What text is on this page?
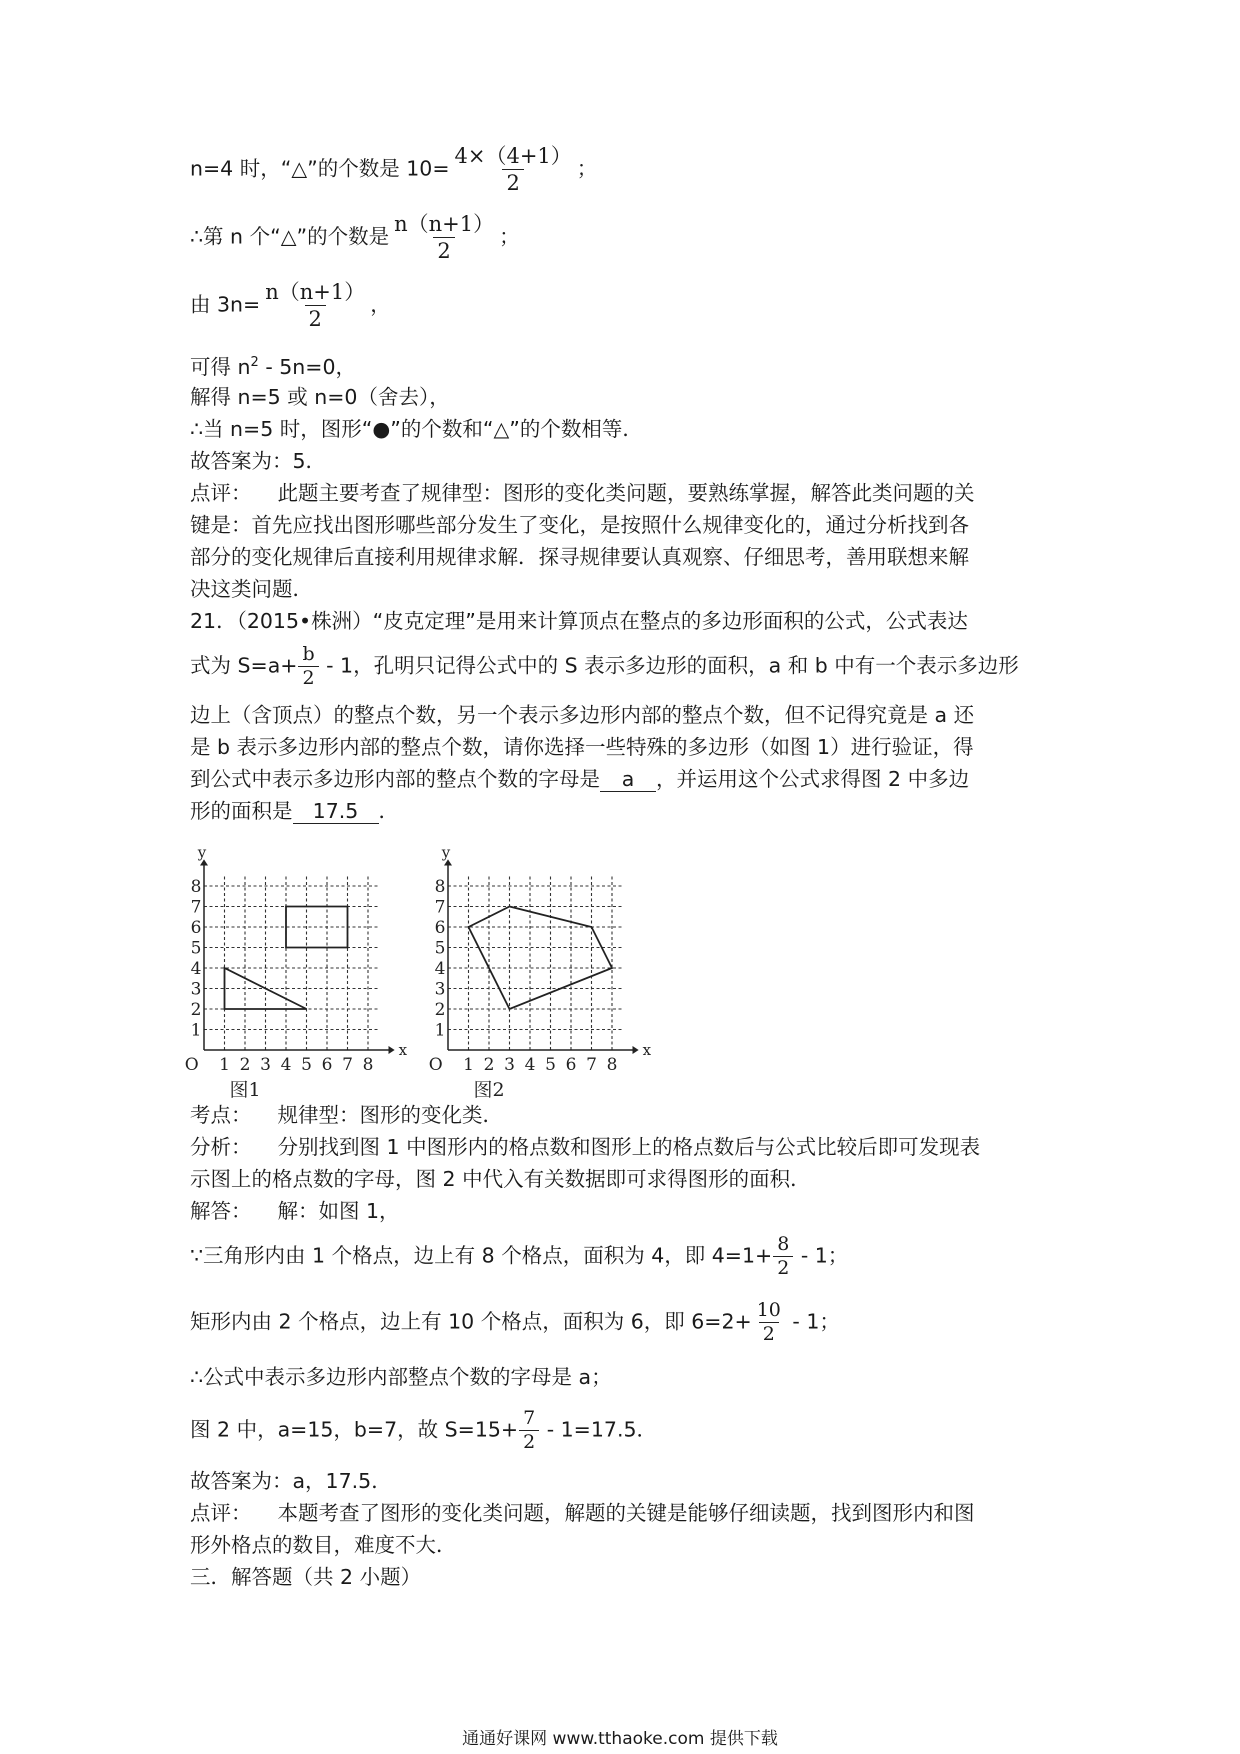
n=4 时，“△”的个数是 $10= \frac{4\times(4+1)}{2}$ ；
∴第 n 个“△”的个数是 $\frac{n(n+1)}{2}$ ；
由 $3n= \frac{n(n+1)}{2}$ ，
可得 $n^2 - 5n=0$，
解得 n=5 或 n=0（舍去），
∴当 n=5 时，图形“●”的个数和“△”的个数相等．
故答案为：5．
点评： 此题主要考查了规律型：图形的变化类问题，要熟练掌握，解答此类问题的关
键是：首先应找出图形哪些部分发生了变化，是按照什么规律变化的，通过分析找到各
部分的变化规律后直接利用规律求解．探寻规律要认真观察、仔细思考，善用联想来解
决这类问题．
21．（2015•株洲）“皮克定理”是用来计算顶点在整点的多边形面积的公式，公式表达
式为 $S=a+ \frac{b}{2} - 1$，孔明只记得公式中的 S 表示多边形的面积，a 和 b 中有一个表示多边形
边上（含顶点）的整点个数，另一个表示多边形内部的整点个数，但不记得究竟是 a 还
是 b 表示多边形内部的整点个数，请你选择一些特殊的多边形（如图 1）进行验证，得
到公式中表示多边形内部的整点个数的字母是 a ，并运用这个公式求得图 2 中多边
形的面积是 17.5 ．
x
y
O 1 2 3 4 5 6 7 8
1
2
3
4
5
6
7
8
图1
x
y
O 1 2 3 4 5 6 7 8
1
2
3
4
5
6
7
8
图2
考点： 规律型：图形的变化类．
分析： 分别找到图 1 中图形内的格点数和图形上的格点数后与公式比较后即可发现表
示图上的格点数的字母，图 2 中代入有关数据即可求得图形的面积．
解答： 解：如图 1，
∵三角形内由 1 个格点，边上有 8 个格点，面积为 4，即 $4=1+ \frac{8}{2} - 1$；
矩形内由 2 个格点，边上有 10 个格点，面积为 6，即 $6=2+ \frac{10}{2} - 1$；
∴公式中表示多边形内部整点个数的字母是 a；
图 2 中，a=15，b=7，故 $S=15+ \frac{7}{2} - 1=17.5$．
故答案为：a，17.5．
点评： 本题考查了图形的变化类问题，解题的关键是能够仔细读题，找到图形内和图
形外格点的数目，难度不大．
三．解答题（共 2 小题）
通通好课网 www.tthaoke.com 提供下载
